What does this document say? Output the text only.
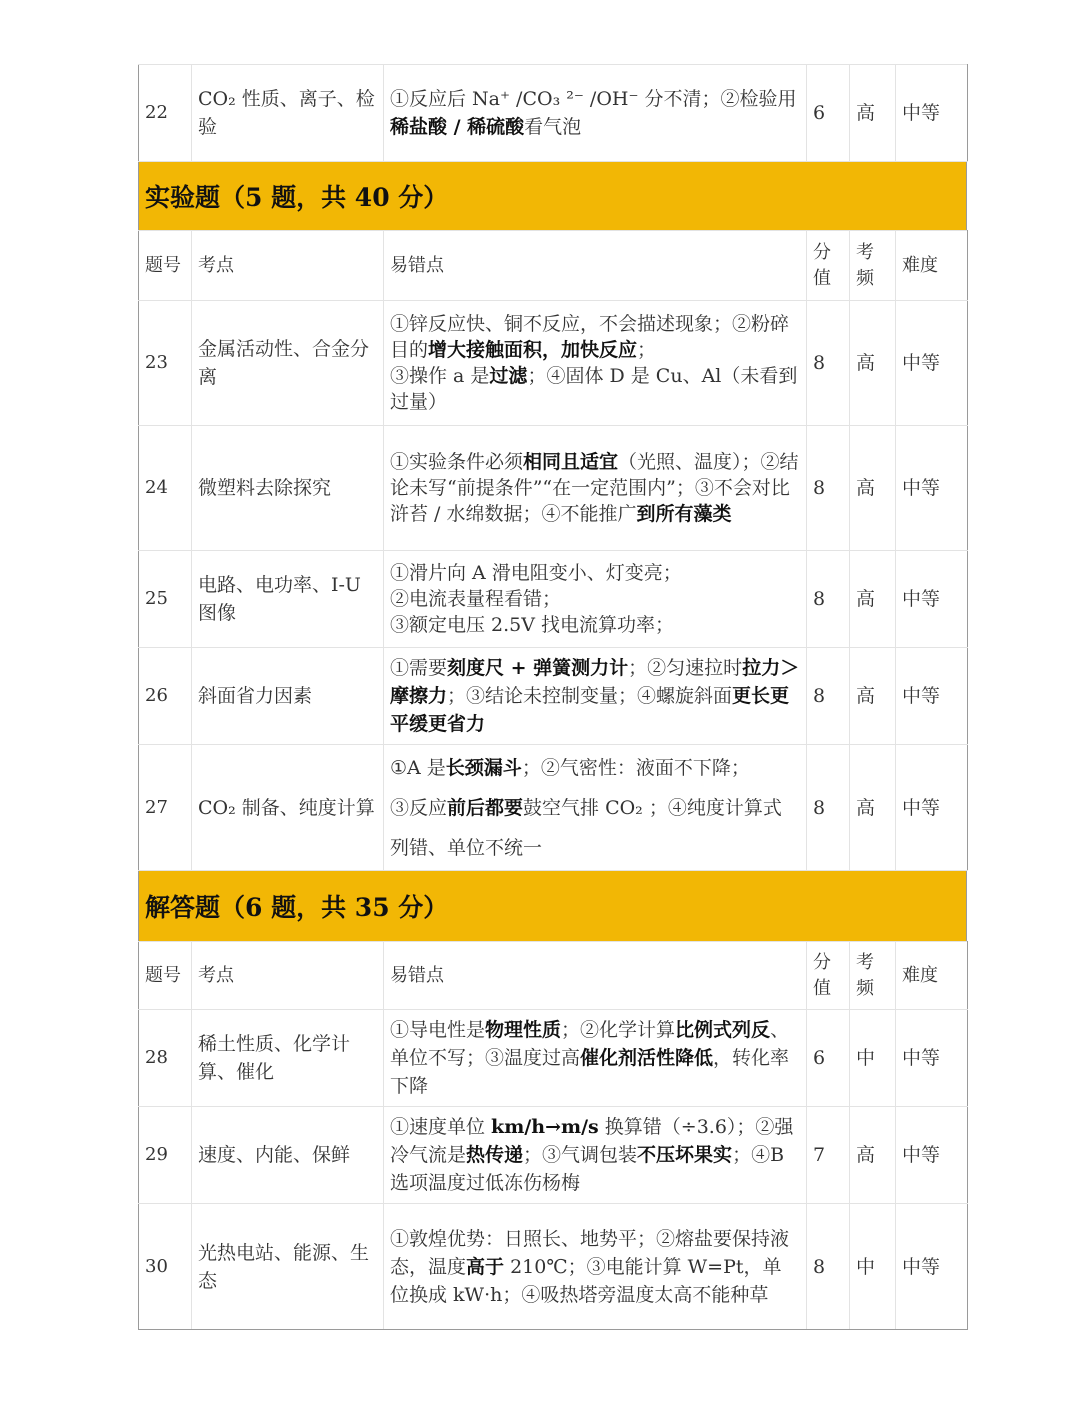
22	CO₂ 性质、离子、检验	①反应后 Na⁺ /CO₃ ²⁻ /OH⁻ 分不清；②检验用稀盐酸 / 稀硫酸看气泡	6	高	中等
实验题（5 题，共 40 分）
题号	考点	易错点	分值	考频	难度
23	金属活动性、合金分离	①锌反应快、铜不反应，不会描述现象；②粉碎目的增大接触面积，加快反应；
③操作 a 是过滤；④固体 D 是 Cu、Al（未看到过量）	8	高	中等
24	微塑料去除探究	①实验条件必须相同且适宜（光照、温度）；②结论未写“前提条件”“在一定范围内”；③不会对比浒苔 / 水绵数据；④不能推广到所有藻类	8	高	中等
25	电路、电功率、I-U 图像	①滑片向 A 滑电阻变小、灯变亮；
②电流表量程看错；
③额定电压 2.5V 找电流算功率；	8	高	中等
26	斜面省力因素	①需要刻度尺 + 弹簧测力计；②匀速拉时拉力＞摩擦力；③结论未控制变量；④螺旋斜面更长更平缓更省力	8	高	中等
27	CO₂ 制备、纯度计算	①A 是长颈漏斗；②气密性：液面不下降；
③反应前后都要鼓空气排 CO₂ ；④纯度计算式列错、单位不统一	8	高	中等
解答题（6 题，共 35 分）
题号	考点	易错点	分值	考频	难度
28	稀土性质、化学计算、催化	①导电性是物理性质；②化学计算比例式列反、单位不写；③温度过高催化剂活性降低，转化率下降	6	中	中等
29	速度、内能、保鲜	①速度单位 km/h→m/s 换算错（÷3.6）；②强冷气流是热传递；③气调包装不压坏果实；④B 选项温度过低冻伤杨梅	7	高	中等
30	光热电站、能源、生态	①敦煌优势：日照长、地势平；②熔盐要保持液态，温度高于 210℃；③电能计算 W=Pt，单位换成 kW·h；④吸热塔旁温度太高不能种草	8	中	中等
